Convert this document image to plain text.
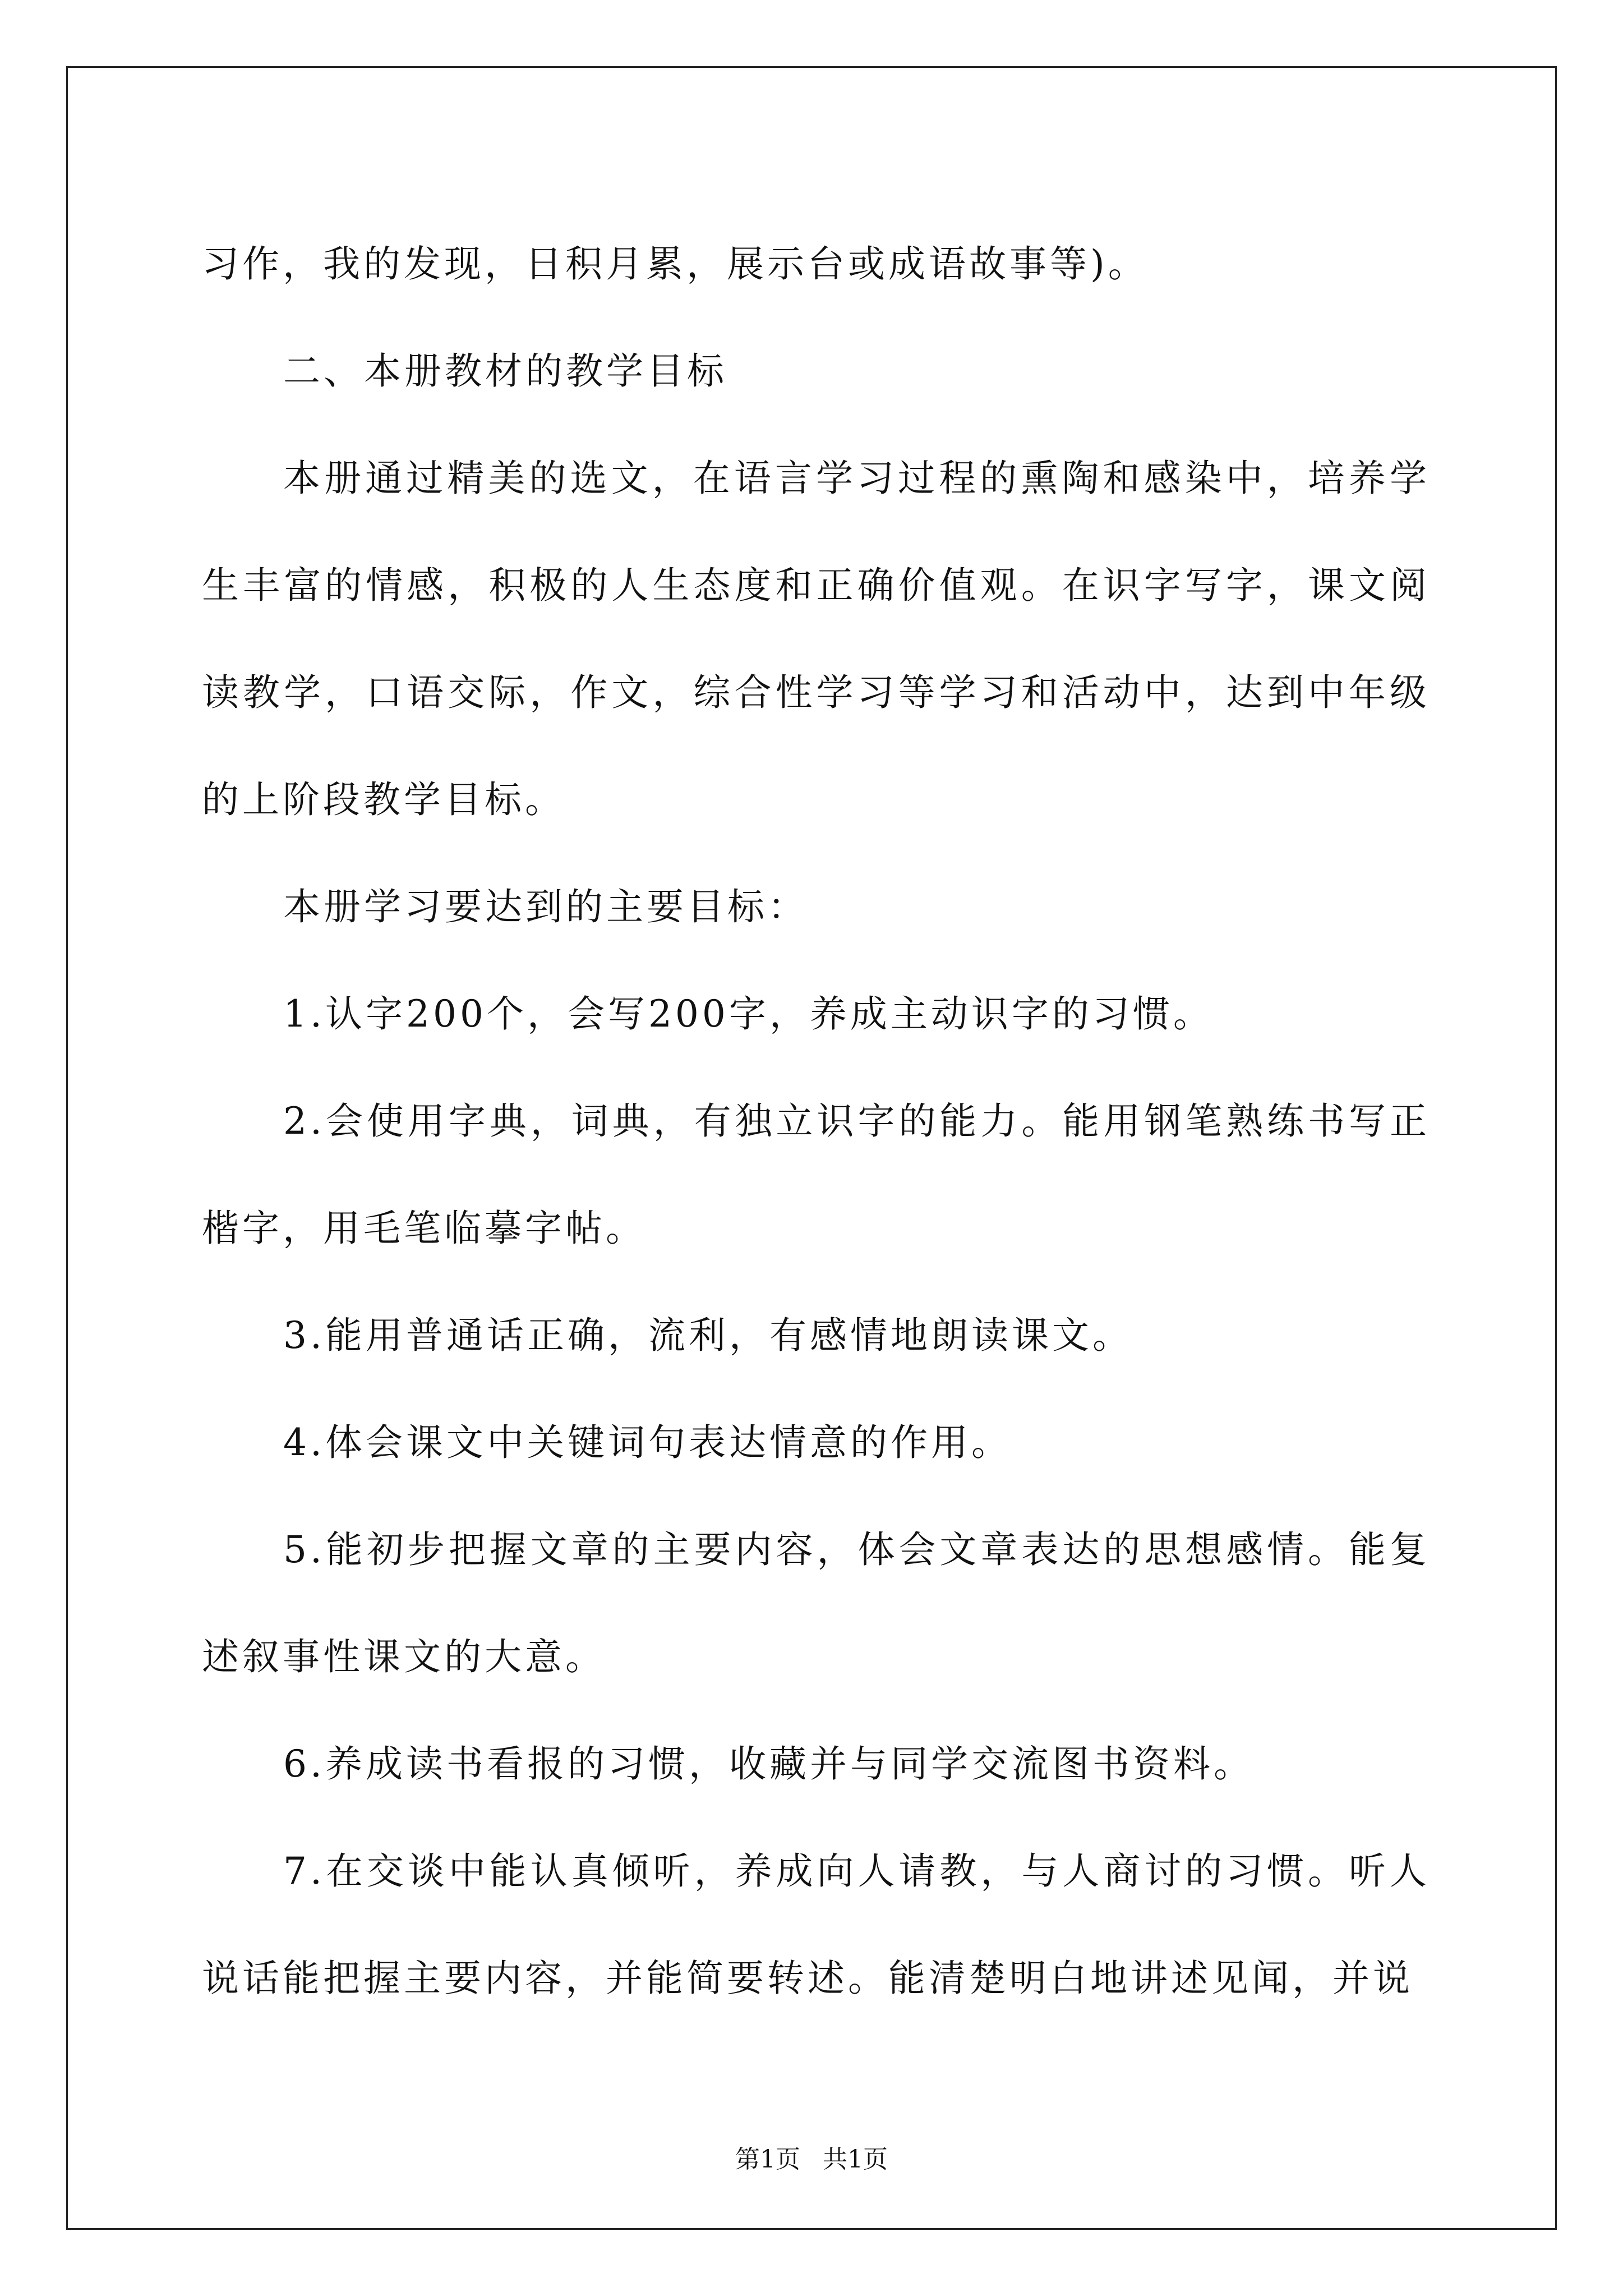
习作，我的发现，日积月累，展示台或成语故事等)。

二、本册教材的教学目标

本册通过精美的选文，在语言学习过程的熏陶和感染中，培养学生丰富的情感，积极的人生态度和正确价值观。在识字写字，课文阅读教学，口语交际，作文，综合性学习等学习和活动中，达到中年级的上阶段教学目标。

本册学习要达到的主要目标：

1.认字200个，会写200字，养成主动识字的习惯。

2.会使用字典，词典，有独立识字的能力。能用钢笔熟练书写正楷字，用毛笔临摹字帖。

3.能用普通话正确，流利，有感情地朗读课文。

4.体会课文中关键词句表达情意的作用。

5.能初步把握文章的主要内容，体会文章表达的思想感情。能复述叙事性课文的大意。

6.养成读书看报的习惯，收藏并与同学交流图书资料。

7.在交谈中能认真倾听，养成向人请教，与人商讨的习惯。听人说话能把握主要内容，并能简要转述。能清楚明白地讲述见闻，并说

第1页 共1页
